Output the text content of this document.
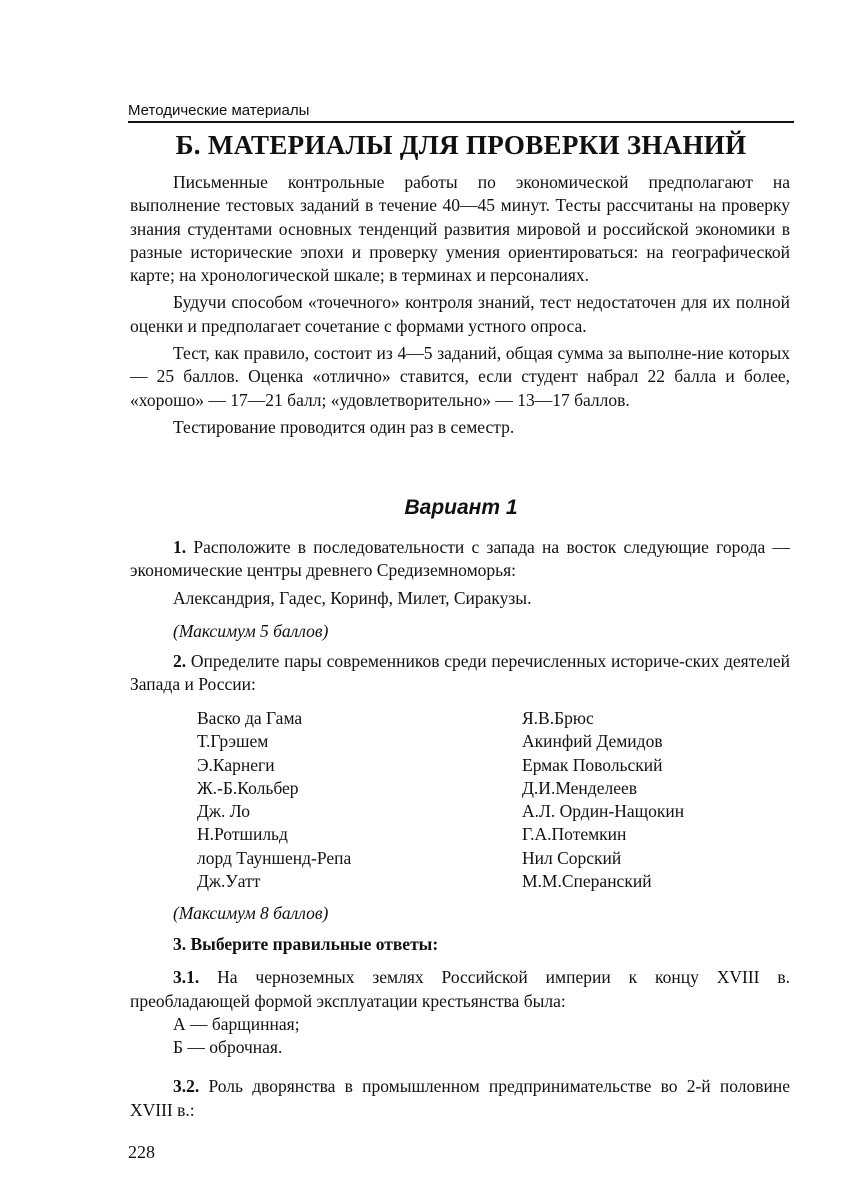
Методические материалы
Б. МАТЕРИАЛЫ ДЛЯ ПРОВЕРКИ ЗНАНИЙ

Письменные контрольные работы по экономической предполагают на выполнение тестовых заданий в течение 40—45 минут. Тесты рассчитаны на проверку знания студентами основных тенденций развития мировой и российской экономики в разные исторические эпохи и проверку умения ориентироваться: на географической карте; на хронологической шкале; в терминах и персоналиях.

Будучи способом «точечного» контроля знаний, тест недостаточен для их полной оценки и предполагает сочетание с формами устного опроса.

Тест, как правило, состоит из 4—5 заданий, общая сумма за выполне-ние которых — 25 баллов. Оценка «отлично» ставится, если студент набрал 22 балла и более, «хорошо» — 17—21 балл; «удовлетворительно» — 13—17 баллов.

Тестирование проводится один раз в семестр.

Вариант 1

1. Расположите в последовательности с запада на восток следующие города — экономические центры древнего Средиземноморья:

Александрия, Гадес, Коринф, Милет, Сиракузы.

(Максимум 5 баллов)

2. Определите пары современников среди перечисленных историче-ских деятелей Запада и России:

Васко да Гама
Т.Грэшем
Э.Карнеги
Ж.-Б.Кольбер
Дж. Ло
Н.Ротшильд
лорд Тауншенд-Репа
Дж.Уатт
Я.В.Брюс
Акинфий Демидов
Ермак Повольский
Д.И.Менделеев
А.Л. Ордин-Нащокин
Г.А.Потемкин
Нил Сорский
М.М.Сперанский
(Максимум 8 баллов)

3. Выберите правильные ответы:

3.1. На черноземных землях Российской империи к концу XVIII в. преобладающей формой эксплуатации крестьянства была:

А — барщинная;

Б — оброчная.

3.2. Роль дворянства в промышленном предпринимательстве во 2-й половине XVIII в.:

228
